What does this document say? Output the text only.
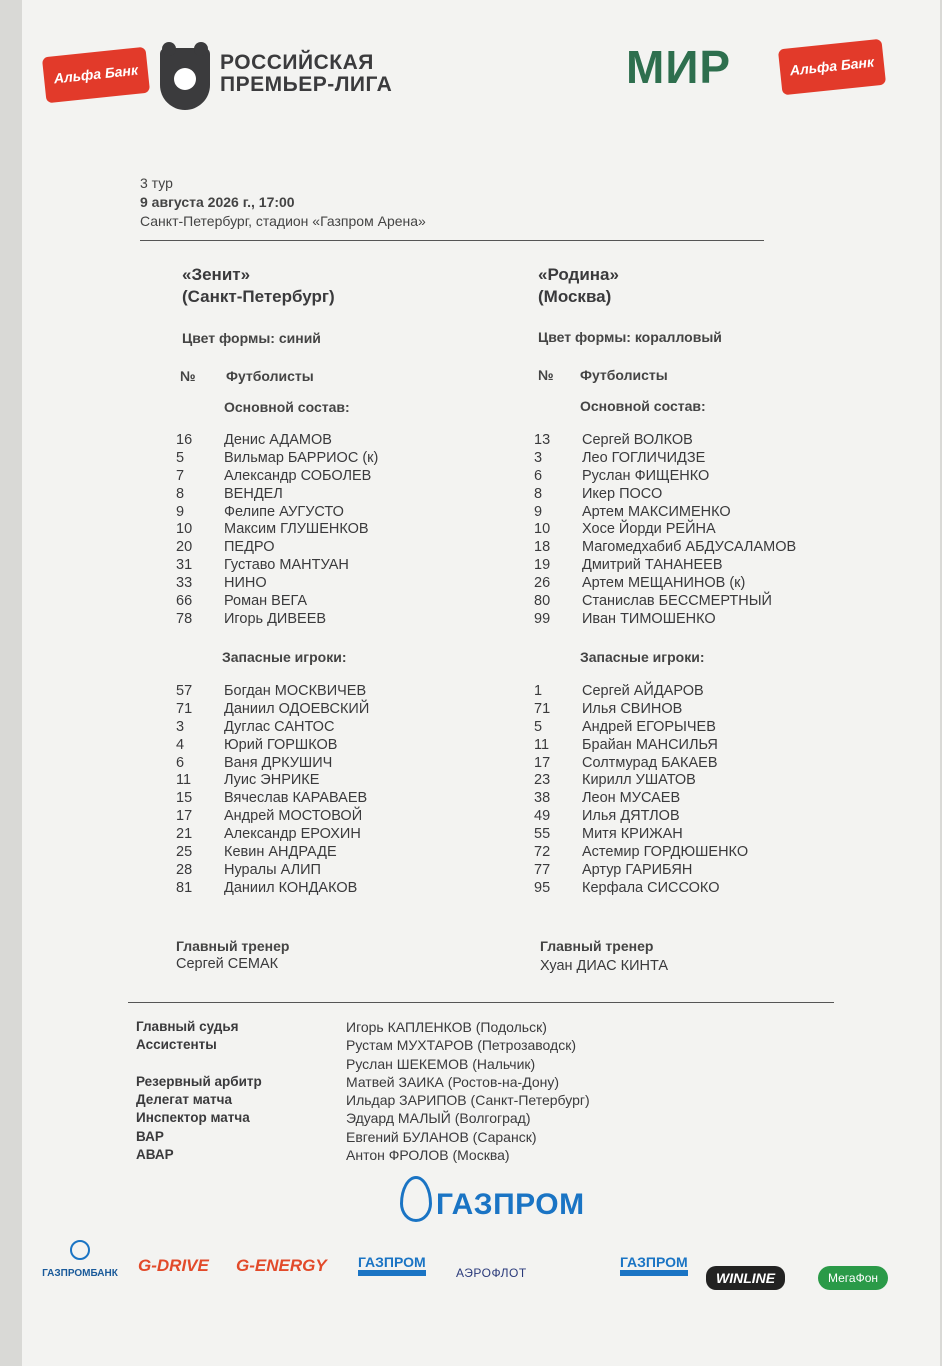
Альфа Банк	РОССИЙСКАЯ
ПРЕМЬЕР-ЛИГА	МИР	Альфа Банк
3 тур
9 августа 2026 г., 17:00
Санкт-Петербург, стадион «Газпром Арена»
«Зенит»
(Санкт-Петербург)
Цвет формы: синий
№ Футболисты
Основной состав:
16	Денис АДАМОВ
5	Вильмар БАРРИОС (к)
7	Александр СОБОЛЕВ
8	ВЕНДЕЛ
9	Фелипе АУГУСТО
10	Максим ГЛУШЕНКОВ
20	ПЕДРО
31	Густаво МАНТУАН
33	НИНО
66	Роман ВЕГА
78	Игорь ДИВЕЕВ
Запасные игроки:
57	Богдан МОСКВИЧЕВ
71	Даниил ОДОЕВСКИЙ
3	Дуглас САНТОС
4	Юрий ГОРШКОВ
6	Ваня ДРКУШИЧ
11	Луис ЭНРИКЕ
15	Вячеслав КАРАВАЕВ
17	Андрей МОСТОВОЙ
21	Александр ЕРОХИН
25	Кевин АНДРАДЕ
28	Нуралы АЛИП
81	Даниил КОНДАКОВ
Главный тренер
Сергей СЕМАК
«Родина»
(Москва)
Цвет формы: коралловый
№ Футболисты
Основной состав:
13	Сергей ВОЛКОВ
3	Лео ГОГЛИЧИДЗЕ
6	Руслан ФИЩЕНКО
8	Икер ПОСО
9	Артем МАКСИМЕНКО
10	Хосе Йорди РЕЙНА
18	Магомедхабиб АБДУСАЛАМОВ
19	Дмитрий ТАНАНЕЕВ
26	Артем МЕЩАНИНОВ (к)
80	Станислав БЕССМЕРТНЫЙ
99	Иван ТИМОШЕНКО
Запасные игроки:
1	Сергей АЙДАРОВ
71	Илья СВИНОВ
5	Андрей ЕГОРЫЧЕВ
11	Брайан МАНСИЛЬЯ
17	Солтмурад БАКАЕВ
23	Кирилл УШАТОВ
38	Леон МУСАЕВ
49	Илья ДЯТЛОВ
55	Митя КРИЖАН
72	Астемир ГОРДЮШЕНКО
77	Артур ГАРИБЯН
95	Керфала СИССОКО
Главный тренер
Хуан ДИАС КИНТА
Главный судья	Игорь КАПЛЕНКОВ (Подольск)
Ассистенты	Рустам МУХТАРОВ (Петрозаводск)
Руслан ШЕКЕМОВ (Нальчик)
Резервный арбитр	Матвей ЗАИКА (Ростов-на-Дону)
Делегат матча	Ильдар ЗАРИПОВ (Санкт-Петербург)
Инспектор матча	Эдуард МАЛЫЙ (Волгоград)
ВАР	Евгений БУЛАНОВ (Саранск)
АВАР	Антон ФРОЛОВ (Москва)
ГАЗПРОМ
ГАЗПРОМБАНК G-DRIVE G-ENERGY ГАЗПРОМ
АЭРОФЛОТ
ГАЗПРОМ
WINLINE	МегаФон
